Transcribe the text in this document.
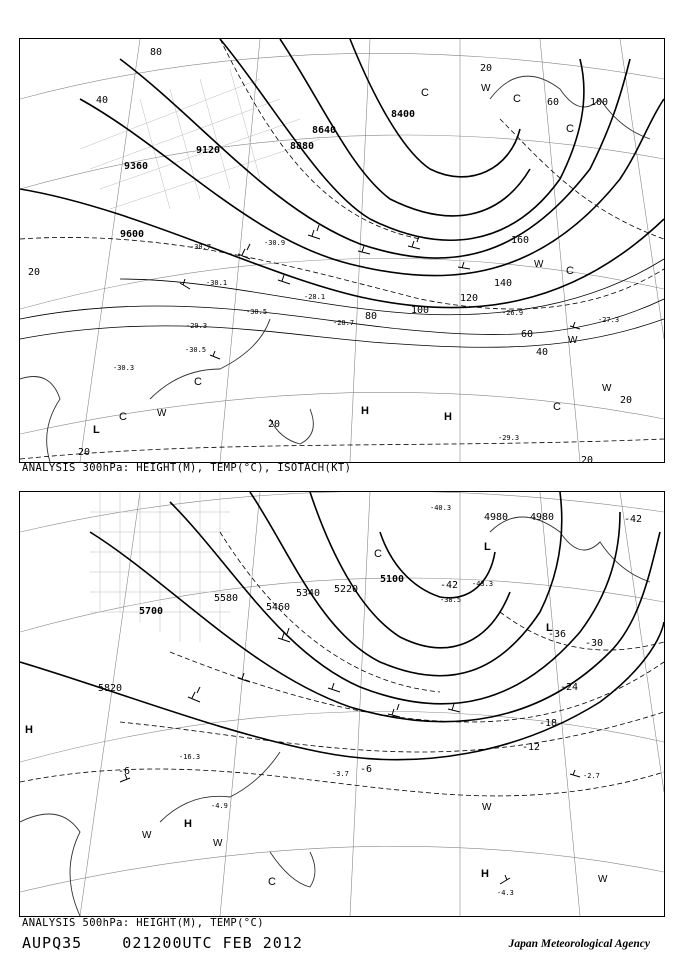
9600
9360
9120	8880
8640
8400
20
40
60
80
100
120
140
160
80
40
20
20
20
20
20
100
60
-30.1
-30.7
-30.3
-30.5
-29.3	-28.7
-26.9
-27.3
-29.3
-28.1
-30.9
-30.5
L
C	W
C
H	H
C
W
W
W
C
C	W
C
C
ANALYSIS 300hPa: HEIGHT(M), TEMP(°C), ISOTACH(KT)
5820
5700
5580
5460
5340 5220
5100
4980 4980
-6
-12
-18
-24
-30
-36
-42
-42
-6
-3.7	-2.7
-4.3
-4.9
-16.3
-40.3
-43.3
-38.5
H
H
H
W
W
W
W
C
C
L
L
ANALYSIS 500hPa: HEIGHT(M), TEMP(°C)
AUPQ35    021200UTC FEB 2012	Japan Meteorological Agency
